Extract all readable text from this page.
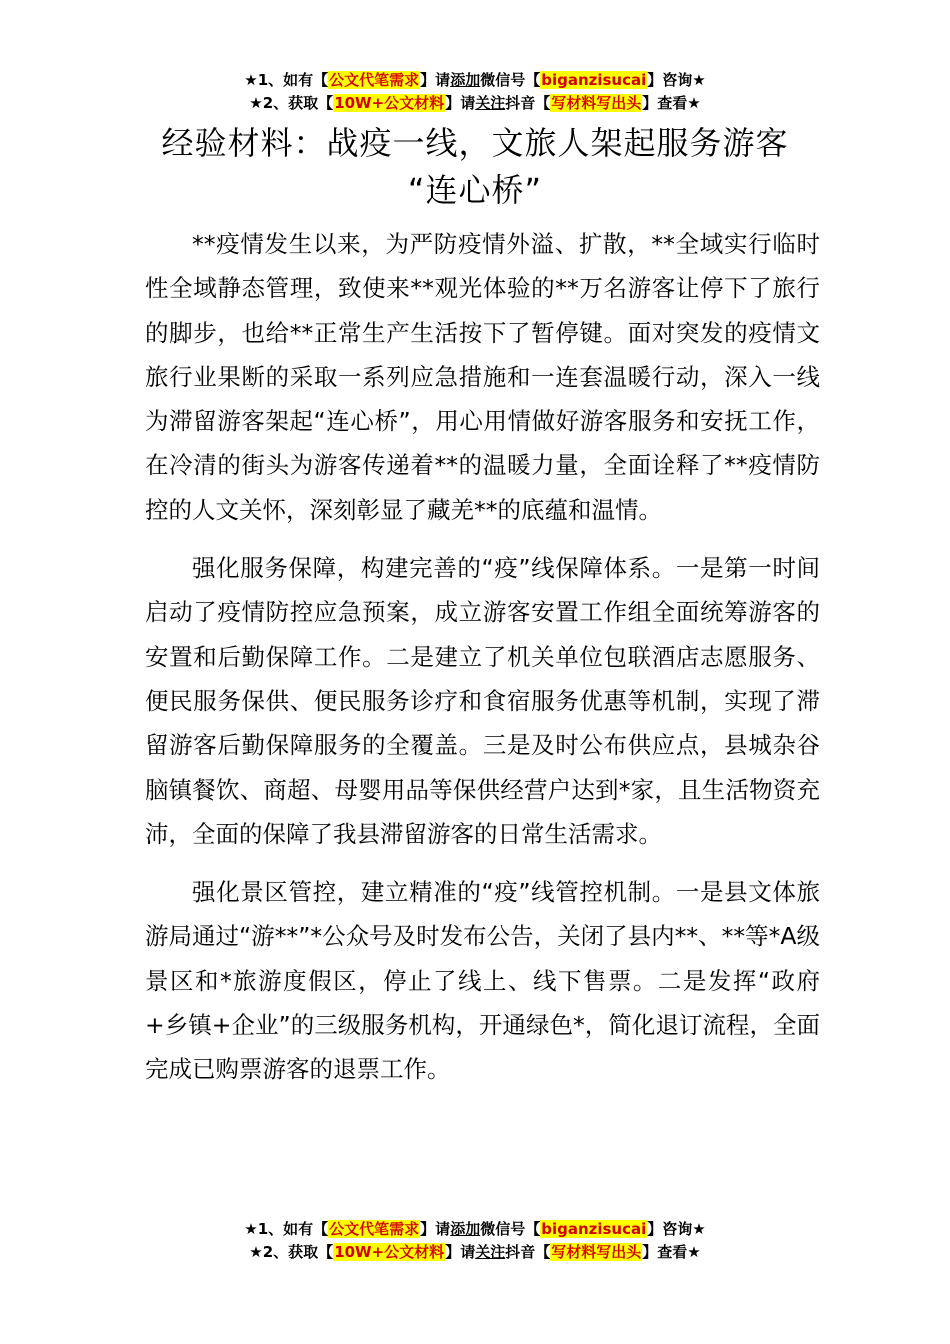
★1、如有【公文代笔需求】请添加微信号【biganzisucai】咨询★
★2、获取【10W+公文材料】请关注抖音【写材料写出头】查看★
经验材料：战疫一线，文旅人架起服务游客
“连心桥”

**疫情发生以来，为严防疫情外溢、扩散，**全域实行临时性全域静态管理，致使来**观光体验的**万名游客让停下了旅行的脚步，也给**正常生产生活按下了暂停键。面对突发的疫情文旅行业果断的采取一系列应急措施和一连套温暖行动，深入一线为滞留游客架起“连心桥”，用心用情做好游客服务和安抚工作，在冷清的街头为游客传递着**的温暖力量，全面诠释了**疫情防控的人文关怀，深刻彰显了藏羌**的底蕴和温情。

强化服务保障，构建完善的“疫”线保障体系。一是第一时间启动了疫情防控应急预案，成立游客安置工作组全面统筹游客的安置和后勤保障工作。二是建立了机关单位包联酒店志愿服务、便民服务保供、便民服务诊疗和食宿服务优惠等机制，实现了滞留游客后勤保障服务的全覆盖。三是及时公布供应点，县城杂谷脑镇餐饮、商超、母婴用品等保供经营户达到*家，且生活物资充沛，全面的保障了我县滞留游客的日常生活需求。

强化景区管控，建立精准的“疫”线管控机制。一是县文体旅游局通过“游**”*公众号及时发布公告，关闭了县内**、**等*A级景区和*旅游度假区，停止了线上、线下售票。二是发挥“政府+乡镇+企业”的三级服务机构，开通绿色*，简化退订流程，全面完成已购票游客的退票工作。

★1、如有【公文代笔需求】请添加微信号【biganzisucai】咨询★
★2、获取【10W+公文材料】请关注抖音【写材料写出头】查看★
